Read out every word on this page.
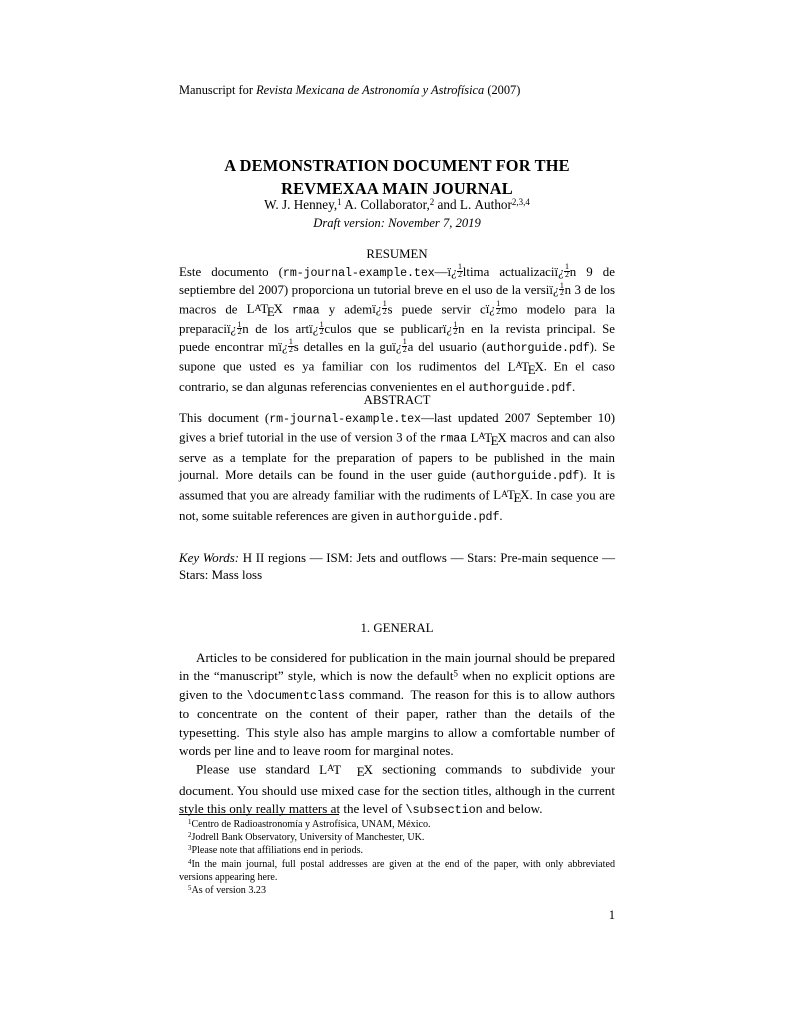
Manuscript for Revista Mexicana de Astronomía y Astrofísica (2007)
A DEMONSTRATION DOCUMENT FOR THE
REVMEXAA MAIN JOURNAL
W. J. Henney,$^1$ A. Collaborator,$^2$ and L. Author$^{2,3,4}$
Draft version: November 7, 2019
RESUMEN
Este documento (rm-journal-example.tex—ï¿ $\frac{1}{2}$ ltima actualizaciï¿ $\frac{1}{2}$ n 9 de septiembre del 2007) proporciona un tutorial breve en el uso de la versiï¿ $\frac{1}{2}$ n 3 de los macros de LATEX rmaa y ademï¿ $\frac{1}{2}$ s puede servir cï¿ $\frac{1}{2}$ mo modelo para la preparaciï¿ $\frac{1}{2}$ n de los artï¿ $\frac{1}{2}$ culos que se publicarï¿ $\frac{1}{2}$ n en la revista principal. Se puede encontrar mï¿ $\frac{1}{2}$ s detalles en la guï¿ $\frac{1}{2}$ a del usuario (authorguide.pdf). Se supone que usted es ya familiar con los rudimentos del LATEX. En el caso contrario, se dan algunas referencias convenientes en el authorguide.pdf.
ABSTRACT
This document (rm-journal-example.tex—last updated 2007 September 10) gives a brief tutorial in the use of version 3 of the rmaa LATEX macros and can also serve as a template for the preparation of papers to be published in the main journal. More details can be found in the user guide (authorguide.pdf). It is assumed that you are already familiar with the rudiments of LATEX. In case you are not, some suitable references are given in authorguide.pdf.
Key Words: H II regions — ISM: Jets and outflows — Stars: Pre-main sequence — Stars: Mass loss
1. GENERAL

Articles to be considered for publication in the main journal should be prepared in the “manuscript” style, which is now the default$^5$ when no explicit options are given to the \documentclass command. The reason for this is to allow authors to concentrate on the content of their paper, rather than the details of the typesetting. This style also has ample margins to allow a comfortable number of words per line and to leave room for marginal notes.

Please use standard LAT EX sectioning commands to subdivide your document. You should use mixed case for the section titles, although in the current style this only really matters at the level of \subsection and below.

$^1$Centro de Radioastronomía y Astrofísica, UNAM, México.

$^2$Jodrell Bank Observatory, University of Manchester, UK.

$^3$Please note that affiliations end in periods.

$^4$In the main journal, full postal addresses are given at the end of the paper, with only abbreviated versions appearing here.

$^5$As of version 3.23

1
